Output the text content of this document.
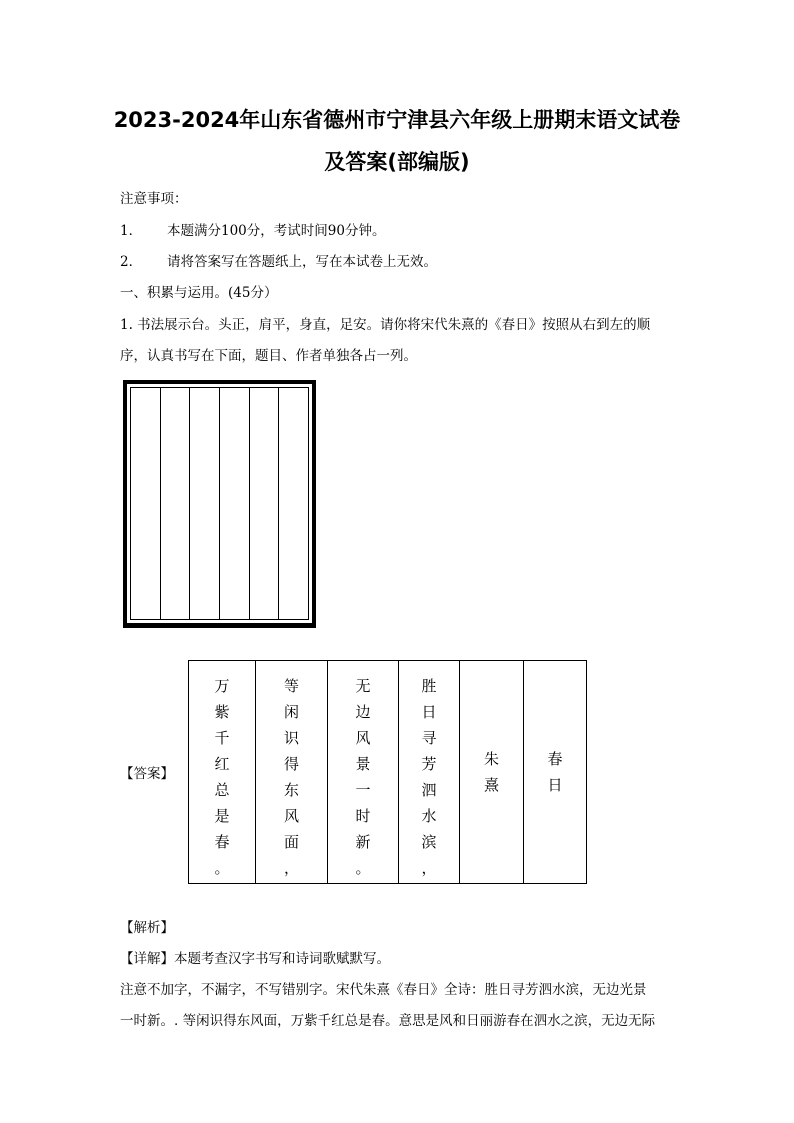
2023-2024年山东省德州市宁津县六年级上册期末语文试卷
及答案(部编版)
注意事项：
1． 本题满分100分，考试时间90分钟。
2． 请将答案写在答题纸上，写在本试卷上无效。
一、积累与运用。(45分）
1. 书法展示台。头正，肩平，身直，足安。请你将宋代朱熹的《春日》按照从右到左的顺
序，认真书写在下面，题目、作者单独各占一列。
【答案】
万
紫
千
红
总
是
春
。
等
闲
识
得
东
风
面
，
无
边
风
景
一
时
新
。
胜
日
寻
芳
泗
水
滨
，
朱
熹
春
日
【解析】
【详解】本题考查汉字书写和诗词歌赋默写。
注意不加字，不漏字，不写错别字。宋代朱熹《春日》全诗：胜日寻芳泗水滨，无边光景
一时新。. 等闲识得东风面，万紫千红总是春。意思是风和日丽游春在泗水之滨，无边无际
